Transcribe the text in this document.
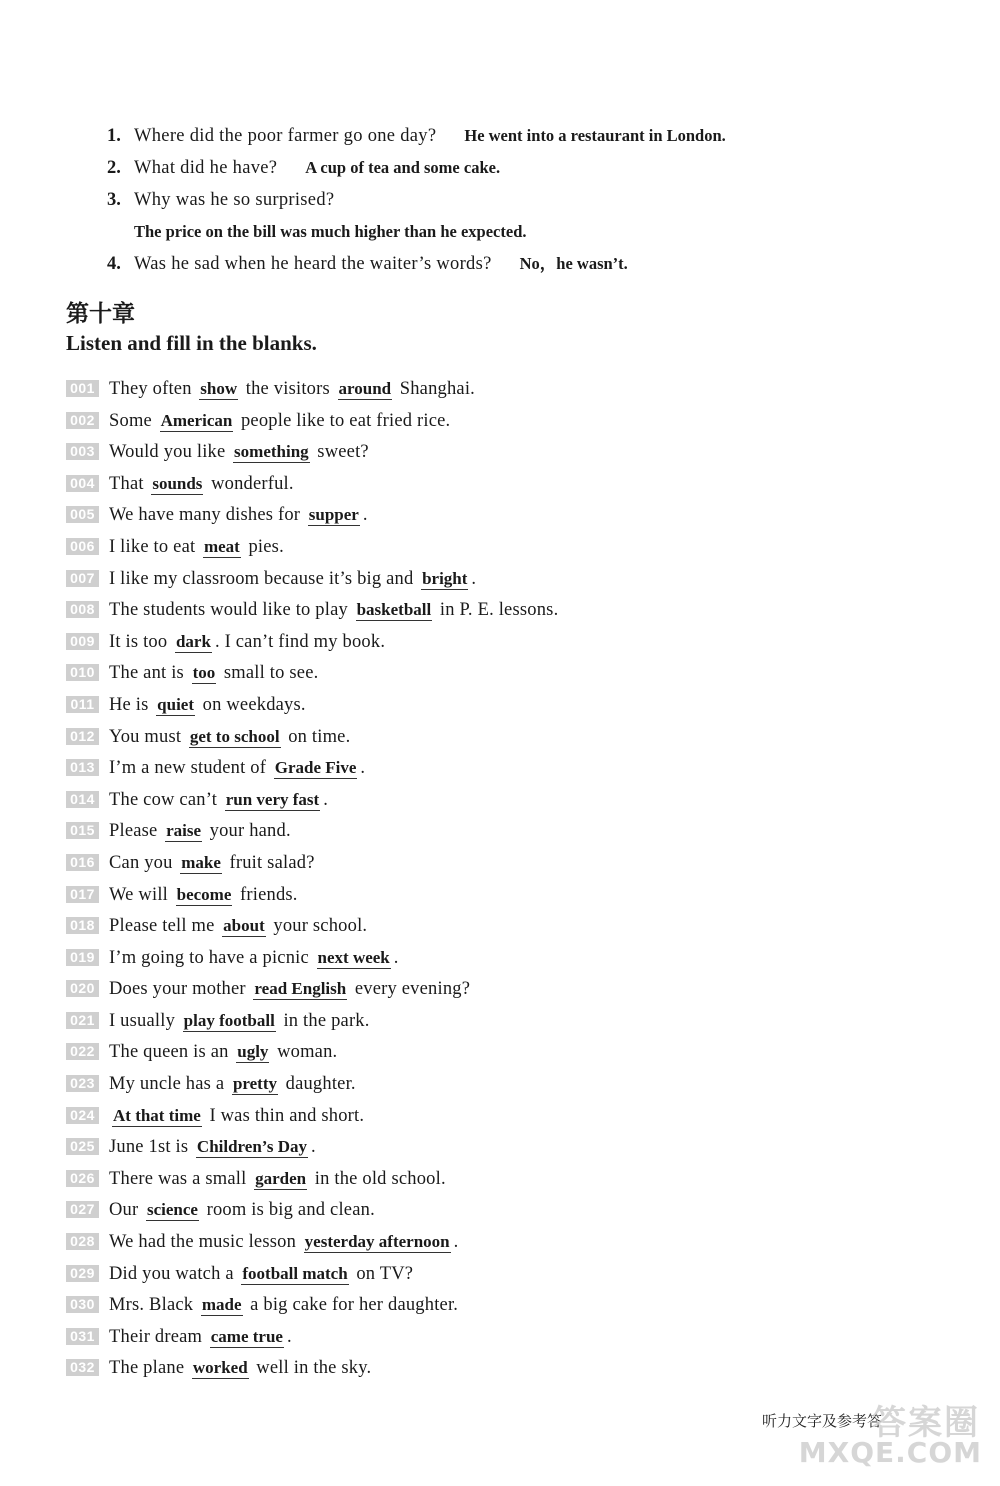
1. Where did the poor farmer go one day? He went into a restaurant in London.
2. What did he have? A cup of tea and some cake.
3. Why was he so surprised?
The price on the bill was much higher than he expected.
4. Was he sad when he heard the waiter’s words? No，he wasn’t.
第十章
Listen and fill in the blanks.
001 They often show the visitors around Shanghai.
002 Some American people like to eat fried rice.
003 Would you like something sweet?
004 That sounds wonderful.
005 We have many dishes for supper .
006 I like to eat meat pies.
007 I like my classroom because it’s big and bright .
008 The students would like to play basketball in P. E. lessons.
009 It is too dark . I can’t find my book.
010 The ant is too small to see.
011 He is quiet on weekdays.
012 You must get to school on time.
013 I’m a new student of Grade Five .
014 The cow can’t run very fast .
015 Please raise your hand.
016 Can you make fruit salad?
017 We will become friends.
018 Please tell me about your school.
019 I’m going to have a picnic next week .
020 Does your mother read English every evening?
021 I usually play football in the park.
022 The queen is an ugly woman.
023 My uncle has a pretty daughter.
024 At that time I was thin and short.
025 June 1st is Children’s Day .
026 There was a small garden in the old school.
027 Our science room is big and clean.
028 We had the music lesson yesterday afternoon .
029 Did you watch a football match on TV?
030 Mrs. Black made a big cake for her daughter.
031 Their dream came true .
032 The plane worked well in the sky.
听力文字及参考答
答案圈
MXQE.COM
